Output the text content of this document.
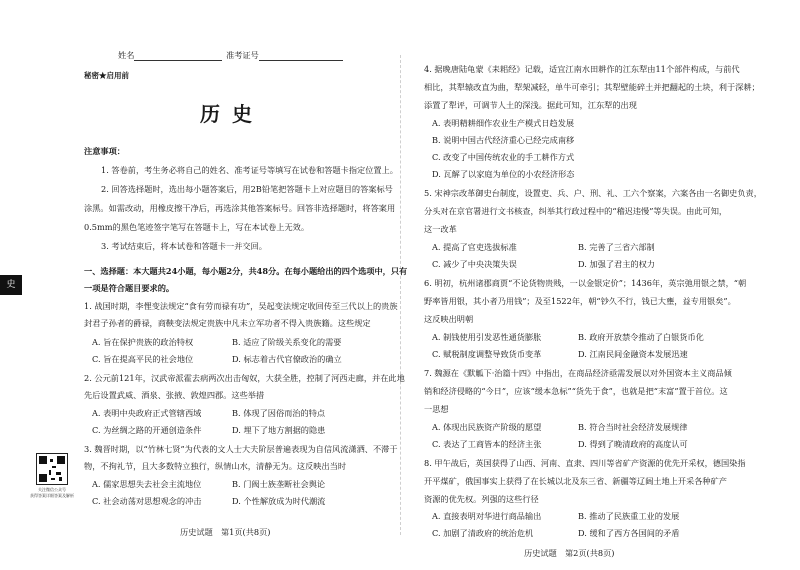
姓名	准考证号
秘密★启用前
历史
注意事项：
1. 答卷前，考生务必将自己的姓名、准考证号等填写在试卷和答题卡指定位置上。
2. 回答选择题时，选出每小题答案后，用2B铅笔把答题卡上对应题目的答案标号
涂黑。如需改动，用橡皮擦干净后，再选涂其他答案标号。回答非选择题时，将答案用
0.5mm的黑色笔迹签字笔写在答题卡上，写在本试卷上无效。
3. 考试结束后，将本试卷和答题卡一并交回。
一、选择题：本大题共24小题，每小题2分，共48分。在每小题给出的四个选项中，只有
一项是符合题目要求的。
1. 战国时期，李悝变法规定“食有劳而禄有功”，吴起变法规定收回传至三代以上的贵族
封君子孙者的爵禄，商鞅变法规定贵族中凡未立军功者不得入贵族籍。这些规定
A. 旨在保护贵族的政治特权	B. 适应了阶级关系变化的需要
C. 旨在提高平民的社会地位	D. 标志着古代官僚政治的确立
2. 公元前121年，汉武帝派霍去病两次出击匈奴，大获全胜，控制了河西走廊，并在此地
先后设置武威、酒泉、张掖、敦煌四郡。这些举措
A. 表明中央政府正式管辖西域	B. 体现了因俗而治的特点
C. 为丝绸之路的开通创造条件	D. 埋下了地方割据的隐患
3. 魏晋时期，以“竹林七贤”为代表的文人士大夫阶层普遍表现为自信风流潇洒、不滞于
物，不拘礼节，且大多数特立独行，纵情山水，清静无为。这反映出当时
A. 儒家思想失去社会主流地位	B. 门阀士族垄断社会舆论
C. 社会动荡对思想观念的冲击	D. 个性解放成为时代潮流
历史试题　第1页(共8页)
史
关注微信公众号
获得答案详细答案及解析
4. 据晚唐陆龟蒙《耒耜经》记载，适宜江南水田耕作的江东犁由11个部件构成，与前代
相比，其犁辕改直为曲，犁架减轻，单牛可牵引；其犁壁能碎土并把翻起的土块，利于深耕；
添置了犁评，可调节人土的深浅。据此可知，江东犁的出现
A. 表明精耕细作农业生产模式日趋发展
B. 说明中国古代经济重心已经完成南移
C. 改变了中国传统农业的手工耕作方式
D. 瓦解了以家庭为单位的小农经济形态
5. 宋神宗改革御史台制度，设置吏、兵、户、刑、礼、工六个察案，六案各由一名御史负责，
分头对在京官署进行文书核查，纠举其行政过程中的“稽迟违慢”等失误。由此可知，
这一改革
A. 提高了官吏选拔标准	B. 完善了三省六部制
C. 减少了中央决策失误	D. 加强了君主的权力
6. 明初，杭州诸郡商贾“不论货物贵贱，一以金银定价”；1436年，英宗弛用银之禁，“朝
野率皆用银，其小者乃用钱”；及至1522年，朝“钞久不行，钱已大壅，益专用银矣”。
这反映出明朝
A. 制钱使用引发恶性通货膨胀	B. 政府开放禁令推动了白银货币化
C. 赋税制度调整导致货币变革	D. 江南民间金融资本发展迅速
7. 魏源在《默觚下·治篇十四》中指出，在商品经济亟需发展以对外国资本主义商品倾
销和经济侵略的“今日”，应该“缓本急标”“货先于食”，也就是把“末富”置于首位。这
一思想
A. 体现出民族资产阶级的愿望	B. 符合当时社会经济发展规律
C. 表达了工商皆本的经济主张	D. 得到了晚清政府的高度认可
8. 甲午战后，英国获得了山西、河南、直隶、四川等省矿产资源的优先开采权，德国染指
开平煤矿，俄国事实上获得了在长城以北及东三省、新疆等辽阔土地上开采各种矿产
资源的优先权。列强的这些行径
A. 直接表明对华进行商品输出	B. 推动了民族重工业的发展
C. 加剧了清政府的统治危机	D. 缓和了西方各国间的矛盾
历史试题　第2页(共8页)
